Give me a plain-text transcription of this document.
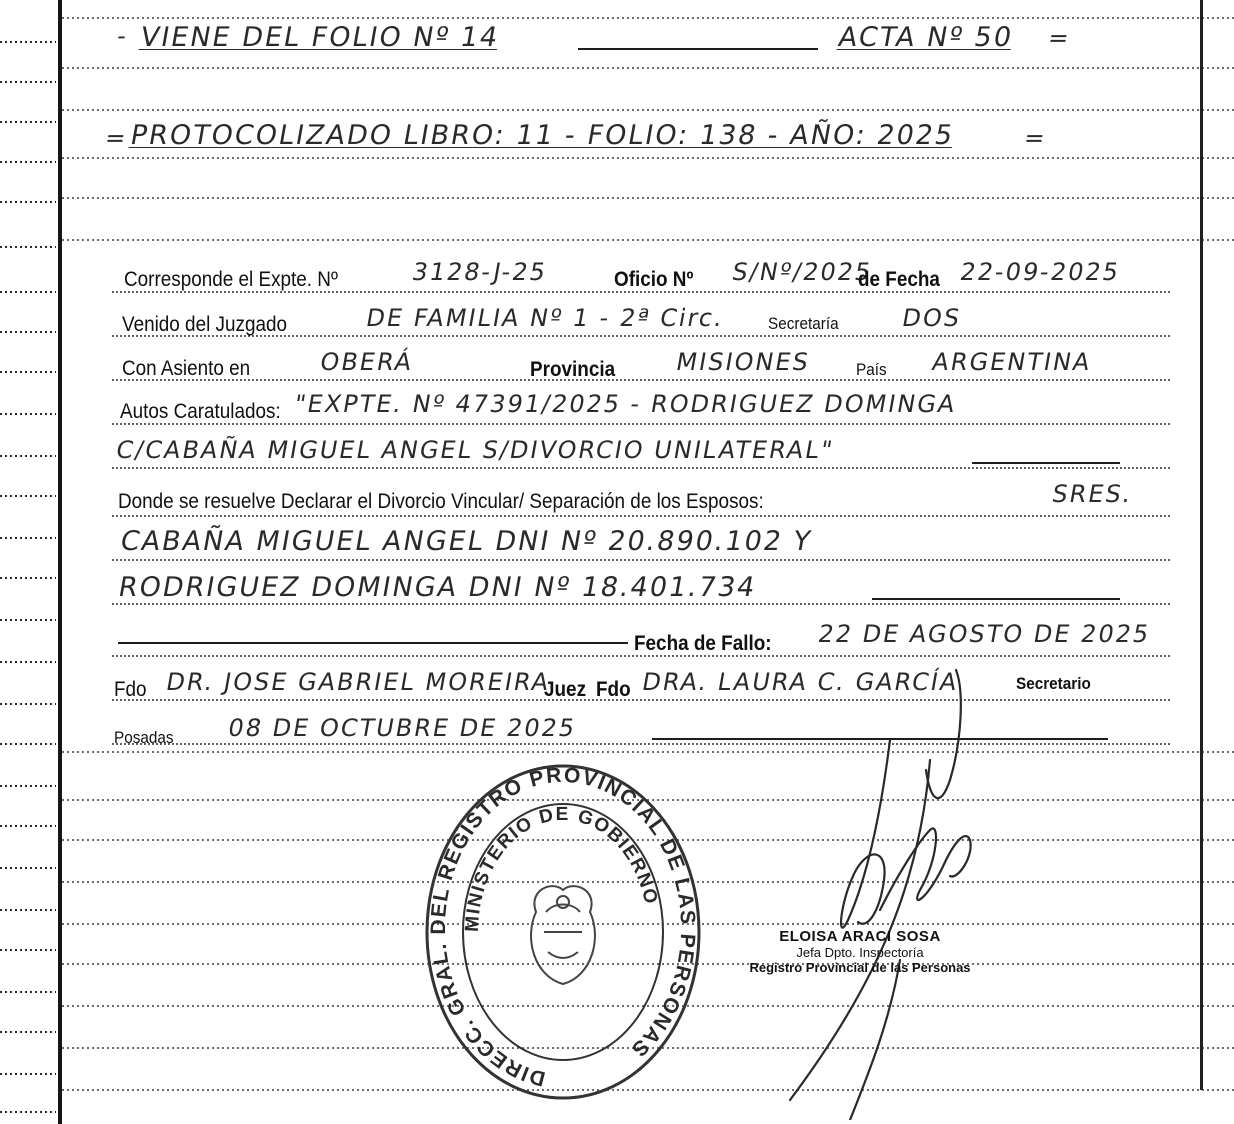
- VIENE DEL FOLIO Nº 14	ACTA Nº 50 =
=
PROTOCOLIZADO LIBRO: 11 - FOLIO: 138 - AÑO: 2025	=
Corresponde el Expte. Nº	3128-J-25	Oficio Nº S/Nº/2025
de Fecha 22-09-2025
Venido del Juzgado	DE FAMILIA Nº 1 - 2ª Circ. Secretaría	DOS
Con Asiento en	OBERÁ	Provincia MISIONES	País ARGENTINA
Autos Caratulados: "EXPTE. Nº 47391/2025 - RODRIGUEZ DOMINGA
C/CABAÑA MIGUEL ANGEL S/DIVORCIO UNILATERAL"
Donde se resuelve Declarar el Divorcio Vincular/ Separación de los Esposos:	SRES.
CABAÑA MIGUEL ANGEL DNI Nº 20.890.102 Y
RODRIGUEZ DOMINGA DNI Nº 18.401.734
Fecha de Fallo: 22 DE AGOSTO DE 2025
Fdo DR. JOSE GABRIEL MOREIRA
Juez Fdo DRA. LAURA C. GARCÍA	Secretario
Posadas 08 DE OCTUBRE DE 2025
DIRECC. GRAL. DEL REGISTRO PROVINCIAL DE LAS PERSONAS
MINISTERIO DE GOBIERNO
ELOISA ARACI SOSA
Jefa Dpto. Inspectoría
Registro Provincial de las Personas
